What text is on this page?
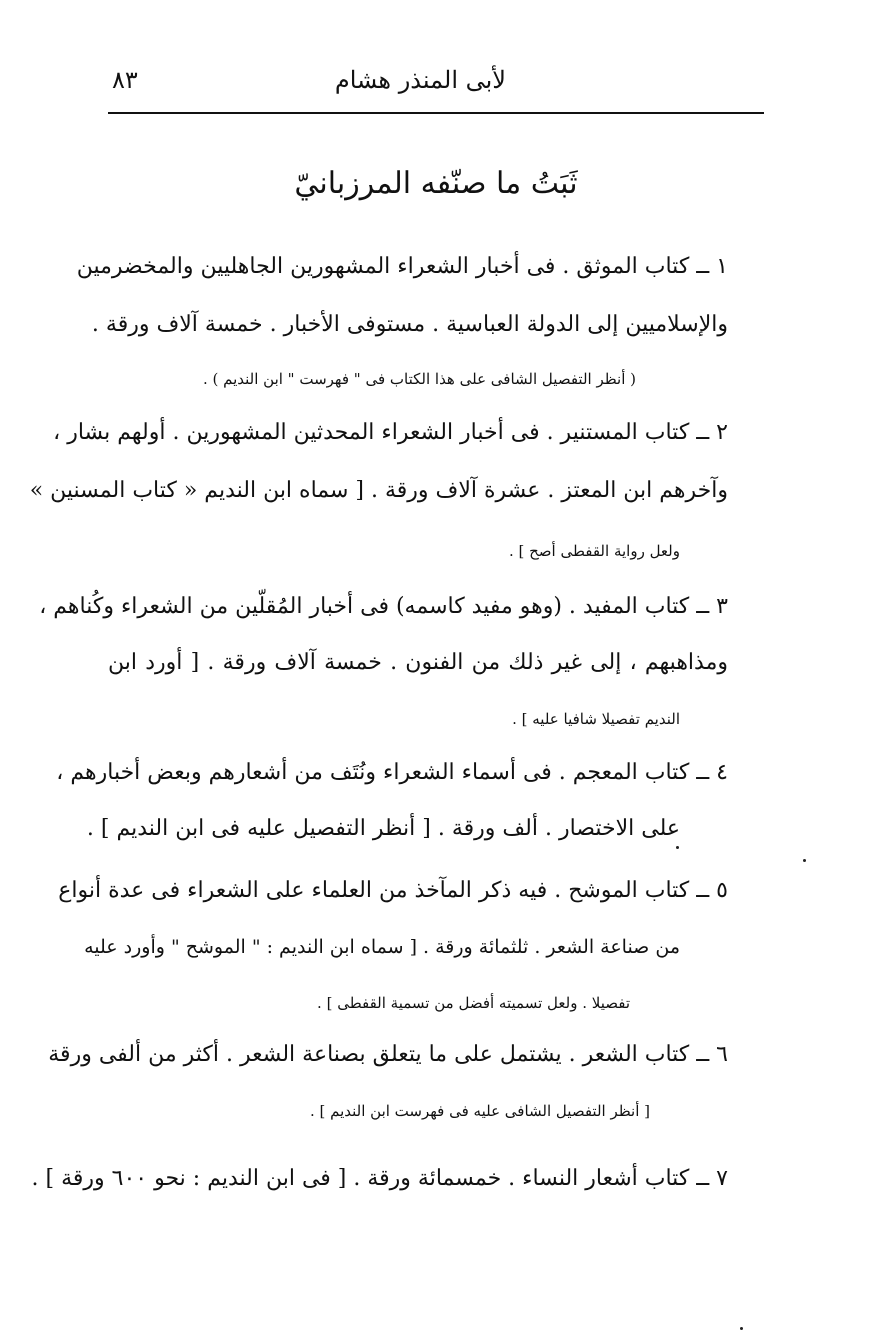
لأبى المنذر هشام
٨٣
ثَبَتُ ما صنّفه المرزبانيّ
١ ــ كتاب الموثق . فى أخبار الشعراء المشهورين الجاهليين والمخضرمين
والإسلاميين إلى الدولة العباسية . مستوفى الأخبار . خمسة آلاف ورقة .
( أنظر التفصيل الشافى على هذا الكتاب فى " فهرست " ابن النديم ) .
٢ ــ كتاب المستنير . فى أخبار الشعراء المحدثين المشهورين . أولهم بشار ،
وآخرهم ابن المعتز . عشرة آلاف ورقة . [ سماه ابن النديم « كتاب المسنين »
ولعل رواية القفطى أصح ] .
٣ ــ كتاب المفيد . (وهو مفيد كاسمه) فى أخبار المُقلّين من الشعراء وكُناهم ،
ومذاهبهم ، إلى غير ذلك من الفنون . خمسة آلاف ورقة . [ أورد ابن
النديم تفصيلا شافيا عليه ] .
٤ ــ كتاب المعجم . فى أسماء الشعراء ونُتَف من أشعارهم وبعض أخبارهم ،
على الاختصار . ألف ورقة . [ أنظر التفصيل عليه فى ابن النديم ] .
٥ ــ كتاب الموشح . فيه ذكر المآخذ من العلماء على الشعراء فى عدة أنواع
من صناعة الشعر . ثلثمائة ورقة . [ سماه ابن النديم : " الموشح " وأورد عليه
تفصيلا . ولعل تسميته أفضل من تسمية القفطى ] .
٦ ــ كتاب الشعر . يشتمل على ما يتعلق بصناعة الشعر . أكثر من ألفى ورقة
[ أنظر التفصيل الشافى عليه فى فهرست ابن النديم ] .
٧ ــ كتاب أشعار النساء . خمسمائة ورقة . [ فى ابن النديم : نحو ٦٠٠ ورقة ] .
